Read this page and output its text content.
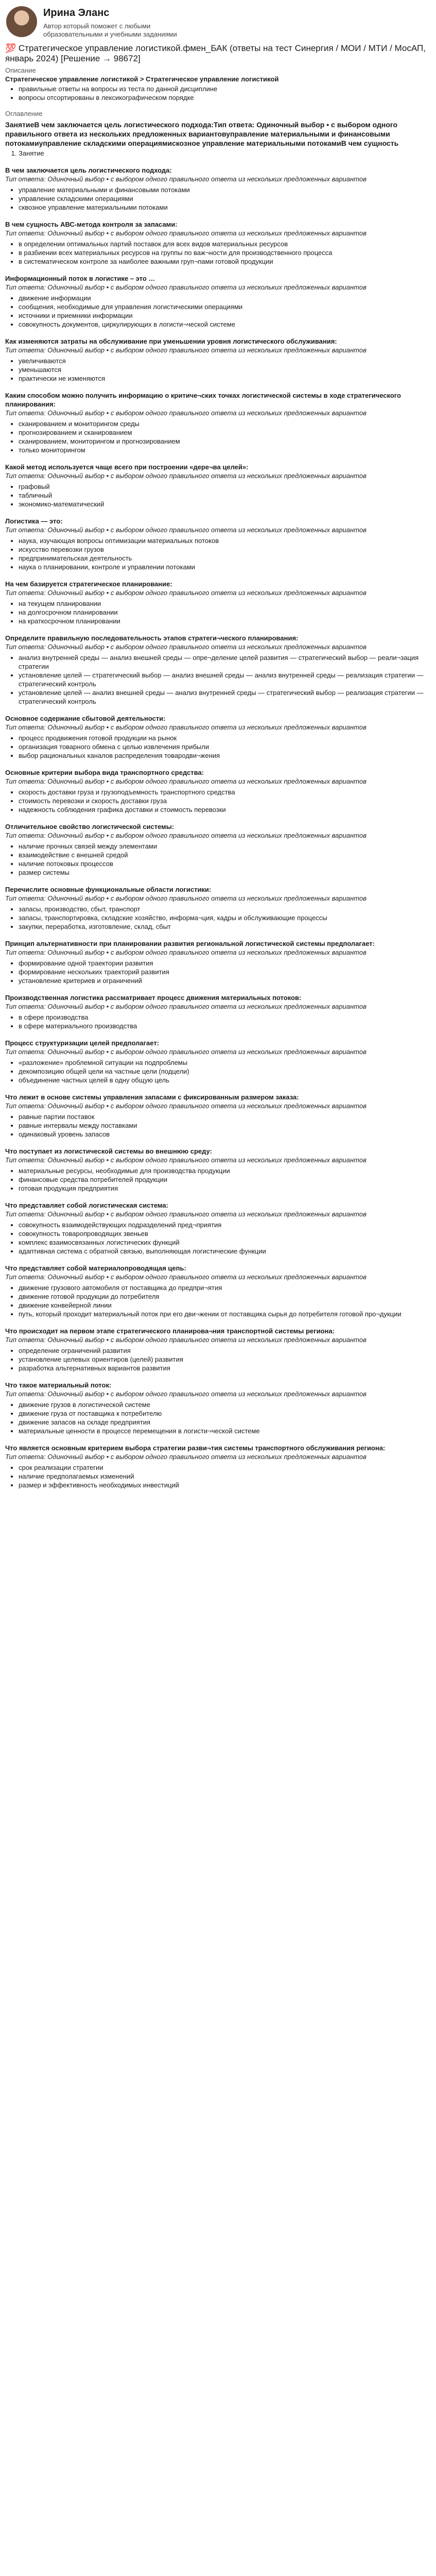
Ирина Эланс
Автор который поможет с любыми образовательными и учебными заданиями
💯 Стратегическое управление логистикой.фмен_БАК (ответы на тест Синергия / МОИ / МТИ / МосАП, январь 2024) [Решение → 98672]
Описание
Стратегическое управление логистикой > Стратегическое управление логистикой
• правильные ответы на вопросы из теста по данной дисциплине
• вопросы отсортированы в лексикографическом порядке
Оглавление
ЗанятиеВ чем заключается цель логистического подхода:Тип ответа: Одиночный выбор • с выбором одного правильного ответа из нескольких предложенных вариантовуправление материальными и финансовыми потокамиуправление складскими операциямискозное управление материальными потокамиВ чем сущность
1. Занятие
В чем заключается цель логистического подхода:
Тип ответа: Одиночный выбор • с выбором одного правильного ответа из нескольких предложенных вариантов
• управление материальными и финансовыми потоками
• управление складскими операциями
• сквозное управление материальными потоками
В чем сущность АВС-метода контроля за запасами:
Тип ответа: Одиночный выбор • с выбором одного правильного ответа из нескольких предложенных вариантов
• в определении оптимальных партий поставок для всех видов материальных ресурсов
• в разбиении всех материальных ресурсов на группы по важ¬ности для производственного процесса
• в систематическом контроле за наиболее важными груп¬пами готовой продукции
Информационный поток в логистике – это …
Тип ответа: Одиночный выбор • с выбором одного правильного ответа из нескольких предложенных вариантов
• движение информации
• сообщения, необходимые для управления логистическими операциями
• источники и приемники информации
• совокупность документов, циркулирующих в логисти¬ческой системе
Как изменяются затраты на обслуживание при уменьшении уровня логистического обслуживания:
Тип ответа: Одиночный выбор • с выбором одного правильного ответа из нескольких предложенных вариантов
• увеличиваются
• уменьшаются
• практически не изменяются
Каким способом можно получить информацию о критиче¬ских точках логистической системы в ходе стратегического планирования:
Тип ответа: Одиночный выбор • с выбором одного правильного ответа из нескольких предложенных вариантов
• сканированием и мониторингом среды
• прогнозированием и сканированием
• сканированием, мониторингом и прогнозированием
• только мониторингом
Какой метод используется чаще всего при построении «дере¬ва целей»:
Тип ответа: Одиночный выбор • с выбором одного правильного ответа из нескольких предложенных вариантов
• графовый
• табличный
• экономико-математический
Логистика — это:
Тип ответа: Одиночный выбор • с выбором одного правильного ответа из нескольких предложенных вариантов
• наука, изучающая вопросы оптимизации материальных потоков
• искусство перевозки грузов
• предпринимательская деятельность
• наука о планировании, контроле и управлении потоками
На чем базируется стратегическое планирование:
Тип ответа: Одиночный выбор • с выбором одного правильного ответа из нескольких предложенных вариантов
• на текущем планировании
• на долгосрочном планировании
• на краткосрочном планировании
Определите правильную последовательность этапов стратеги¬ческого планирования:
Тип ответа: Одиночный выбор • с выбором одного правильного ответа из нескольких предложенных вариантов
• анализ внутренней среды — анализ внешней среды — опре¬деление целей развития — стратегический выбор — реали¬зация стратегии
• установление целей — стратегический выбор — анализ внешней среды — анализ внутренней среды — реализация стратегии — стратегический контроль
• установление целей — анализ внешней среды — анализ внутренней среды — стратегический выбор — реализация стратегии — стратегический контроль
Основное содержание сбытовой деятельности:
Тип ответа: Одиночный выбор • с выбором одного правильного ответа из нескольких предложенных вариантов
• процесс продвижения готовой продукции на рынок
• организация товарного обмена с целью извлечения прибыли
• выбор рациональных каналов распределения товародви¬жения
Основные критерии выбора вида транспортного средства:
Тип ответа: Одиночный выбор • с выбором одного правильного ответа из нескольких предложенных вариантов
• скорость доставки груза и грузоподъемность транспортного средства
• стоимость перевозки и скорость доставки груза
• надежность соблюдения графика доставки и стоимость перевозки
Отличительное свойство логистической системы:
Тип ответа: Одиночный выбор • с выбором одного правильного ответа из нескольких предложенных вариантов
• наличие прочных связей между элементами
• взаимодействие с внешней средой
• наличие потоковых процессов
• размер системы
Перечислите основные функциональные области логистики:
Тип ответа: Одиночный выбор • с выбором одного правильного ответа из нескольких предложенных вариантов
• запасы, производство, сбыт, транспорт
• запасы, транспортировка, складские хозяйство, информа¬ция, кадры и обслуживающие процессы
• закупки, переработка, изготовление, склад, сбыт
Принцип альтернативности при планировании развития региональной логистической системы предполагает:
Тип ответа: Одиночный выбор • с выбором одного правильного ответа из нескольких предложенных вариантов
• формирование одной траектории развития
• формирование нескольких траекторий развития
• установление критериев и ограничений
Производственная логистика рассматривает процесс движения материальных потоков:
Тип ответа: Одиночный выбор • с выбором одного правильного ответа из нескольких предложенных вариантов
• в сфере производства
• в сфере материального производства
Процесс структуризации целей предполагает:
Тип ответа: Одиночный выбор • с выбором одного правильного ответа из нескольких предложенных вариантов
• «разложение» проблемной ситуации на подпроблемы
• декомпозицию общей цели на частные цели (подцели)
• объединение частных целей в одну общую цель
Что лежит в основе системы управления запасами с фиксированным размером заказа:
Тип ответа: Одиночный выбор • с выбором одного правильного ответа из нескольких предложенных вариантов
• равные партии поставок
• равные интервалы между поставками
• одинаковый уровень запасов
Что поступает из логистической системы во внешнюю среду:
Тип ответа: Одиночный выбор • с выбором одного правильного ответа из нескольких предложенных вариантов
• материальные ресурсы, необходимые для производства продукции
• финансовые средства потребителей продукции
• готовая продукция предприятия
Что представляет собой логистическая система:
Тип ответа: Одиночный выбор • с выбором одного правильного ответа из нескольких предложенных вариантов
• совокупность взаимодействующих подразделений пред¬приятия
• совокупность товаропроводящих звеньев
• комплекс взаимосвязанных логистических функций
• адаптивная система с обратной связью, выполняющая логистические функции
Что представляет собой материалопроводящая цепь:
Тип ответа: Одиночный выбор • с выбором одного правильного ответа из нескольких предложенных вариантов
• движение грузового автомобиля от поставщика до предпри¬ятия
• движение готовой продукции до потребителя
• движение конвейерной линии
• путь, который проходит материальный поток при его дви¬жении от поставщика сырья до потребителя готовой про¬дукции
Что происходит на первом этапе стратегического планирова¬ния транспортной системы региона:
Тип ответа: Одиночный выбор • с выбором одного правильного ответа из нескольких предложенных вариантов
• определение ограничений развития
• установление целевых ориентиров (целей) развития
• разработка альтернативных вариантов развития
Что такое материальный поток:
Тип ответа: Одиночный выбор • с выбором одного правильного ответа из нескольких предложенных вариантов
• движение грузов в логистической системе
• движение груза от поставщика к потребителю
• движение запасов на складе предприятия
• материальные ценности в процессе перемещения в логисти¬ческой системе
Что является основным критерием выбора стратегии разви¬тия системы транспортного обслуживания региона:
Тип ответа: Одиночный выбор • с выбором одного правильного ответа из нескольких предложенных вариантов
• срок реализации стратегии
• наличие предполагаемых изменений
• размер и эффективность необходимых инвестиций
